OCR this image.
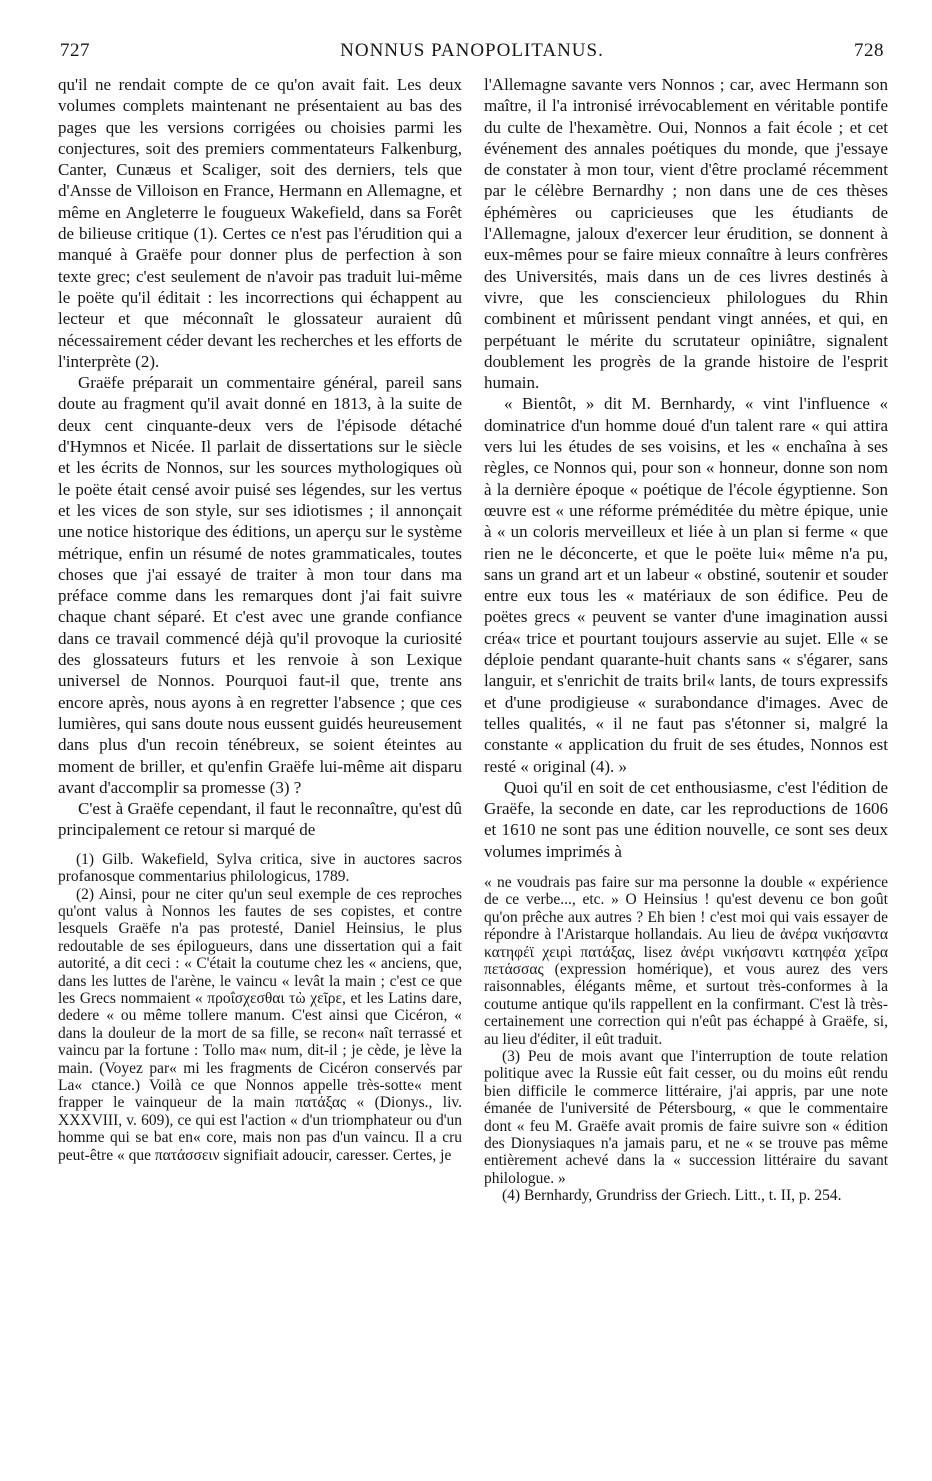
727	NONNUS PANOPOLITANUS.	728

qu'il ne rendait compte de ce qu'on avait fait. Les deux volumes complets maintenant ne présentaient au bas des pages que les versions corrigées ou choisies parmi les conjectures, soit des premiers commentateurs Falkenburg, Canter, Cunæus et Scaliger, soit des derniers, tels que d'Ansse de Villoison en France, Hermann en Allemagne, et même en Angleterre le fougueux Wakefield, dans sa Forêt de bilieuse critique (1). Certes ce n'est pas l'érudition qui a manqué à Graëfe pour donner plus de perfection à son texte grec; c'est seulement de n'avoir pas traduit lui-même le poëte qu'il éditait : les incorrections qui échappent au lecteur et que méconnaît le glossateur auraient dû nécessairement céder devant les recherches et les efforts de l'interprète (2).

Graëfe préparait un commentaire général, pareil sans doute au fragment qu'il avait donné en 1813, à la suite de deux cent cinquante-deux vers de l'épisode détaché d'Hymnos et Nicée. Il parlait de dissertations sur le siècle et les écrits de Nonnos, sur les sources mythologiques où le poëte était censé avoir puisé ses légendes, sur les vertus et les vices de son style, sur ses idiotismes ; il annonçait une notice historique des éditions, un aperçu sur le système métrique, enfin un résumé de notes grammaticales, toutes choses que j'ai essayé de traiter à mon tour dans ma préface comme dans les remarques dont j'ai fait suivre chaque chant séparé. Et c'est avec une grande confiance dans ce travail commencé déjà qu'il provoque la curiosité des glossateurs futurs et les renvoie à son Lexique universel de Nonnos. Pourquoi faut-il que, trente ans encore après, nous ayons à en regretter l'absence ; que ces lumières, qui sans doute nous eussent guidés heureusement dans plus d'un recoin ténébreux, se soient éteintes au moment de briller, et qu'enfin Graëfe lui-même ait disparu avant d'accomplir sa promesse (3) ?

C'est à Graëfe cependant, il faut le reconnaître, qu'est dû principalement ce retour si marqué de

(1) Gilb. Wakefield, Sylva critica, sive in auctores sacros profanosque commentarius philologicus, 1789.

(2) Ainsi, pour ne citer qu'un seul exemple de ces reproches qu'ont valus à Nonnos les fautes de ses copistes, et contre lesquels Graëfe n'a pas protesté, Daniel Heinsius, le plus redoutable de ses épilogueurs, dans une dissertation qui a fait autorité, a dit ceci : « C'était la coutume chez les « anciens, que, dans les luttes de l'arène, le vaincu « levât la main ; c'est ce que les Grecs nommaient « προΐσχεσθαι τὼ χεῖρε, et les Latins dare, dedere « ou même tollere manum. C'est ainsi que Cicéron, « dans la douleur de la mort de sa fille, se recon« naît terrassé et vaincu par la fortune : Tollo ma« num, dit-il ; je cède, je lève la main. (Voyez par« mi les fragments de Cicéron conservés par La« ctance.) Voilà ce que Nonnos appelle très-sotte« ment frapper le vainqueur de la main πατάξας « (Dionys., liv. XXXVIII, v. 609), ce qui est l'action « d'un triomphateur ou d'un homme qui se bat en« core, mais non pas d'un vaincu. Il a cru peut-être « que πατάσσειν signifiait adoucir, caresser. Certes, je

l'Allemagne savante vers Nonnos ; car, avec Hermann son maître, il l'a intronisé irrévocablement en véritable pontife du culte de l'hexamètre. Oui, Nonnos a fait école ; et cet événement des annales poétiques du monde, que j'essaye de constater à mon tour, vient d'être proclamé récemment par le célèbre Bernardhy ; non dans une de ces thèses éphémères ou capricieuses que les étudiants de l'Allemagne, jaloux d'exercer leur érudition, se donnent à eux-mêmes pour se faire mieux connaître à leurs confrères des Universités, mais dans un de ces livres destinés à vivre, que les consciencieux philologues du Rhin combinent et mûrissent pendant vingt années, et qui, en perpétuant le mérite du scrutateur opiniâtre, signalent doublement les progrès de la grande histoire de l'esprit humain.

« Bientôt, » dit M. Bernhardy, « vint l'influence « dominatrice d'un homme doué d'un talent rare « qui attira vers lui les études de ses voisins, et les « enchaîna à ses règles, ce Nonnos qui, pour son « honneur, donne son nom à la dernière époque « poétique de l'école égyptienne. Son œuvre est « une réforme préméditée du mètre épique, unie à « un coloris merveilleux et liée à un plan si ferme « que rien ne le déconcerte, et que le poëte lui« même n'a pu, sans un grand art et un labeur « obstiné, soutenir et souder entre eux tous les « matériaux de son édifice. Peu de poëtes grecs « peuvent se vanter d'une imagination aussi créa« trice et pourtant toujours asservie au sujet. Elle « se déploie pendant quarante-huit chants sans « s'égarer, sans languir, et s'enrichit de traits bril« lants, de tours expressifs et d'une prodigieuse « surabondance d'images. Avec de telles qualités, « il ne faut pas s'étonner si, malgré la constante « application du fruit de ses études, Nonnos est resté « original (4). »

Quoi qu'il en soit de cet enthousiasme, c'est l'édition de Graëfe, la seconde en date, car les reproductions de 1606 et 1610 ne sont pas une édition nouvelle, ce sont ses deux volumes imprimés à

« ne voudrais pas faire sur ma personne la double « expérience de ce verbe..., etc. » O Heinsius ! qu'est devenu ce bon goût qu'on prêche aux autres ? Eh bien ! c'est moi qui vais essayer de répondre à l'Aristarque hollandais. Au lieu de ἀνέρα νικήσαντα κατηφέϊ χειρὶ πατάξας, lisez ἀνέρι νικήσαντι κατηφέα χεῖρα πετάσσας (expression homérique), et vous aurez des vers raisonnables, élégants même, et surtout très-conformes à la coutume antique qu'ils rappellent en la confirmant. C'est là très-certainement une correction qui n'eût pas échappé à Graëfe, si, au lieu d'éditer, il eût traduit.

(3) Peu de mois avant que l'interruption de toute relation politique avec la Russie eût fait cesser, ou du moins eût rendu bien difficile le commerce littéraire, j'ai appris, par une note émanée de l'université de Pétersbourg, « que le commentaire dont « feu M. Graëfe avait promis de faire suivre son « édition des Dionysiaques n'a jamais paru, et ne « se trouve pas même entièrement achevé dans la « succession littéraire du savant philologue. »

(4) Bernhardy, Grundriss der Griech. Litt., t. II, p. 254.
